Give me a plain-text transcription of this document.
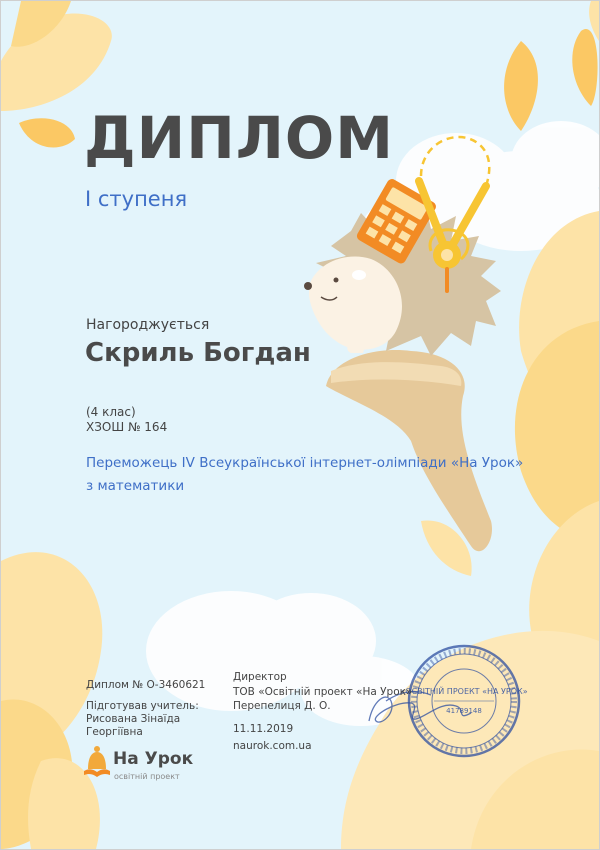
«ОСВІТНІЙ ПРОЕКТ «НА УРОК»
41789148
ДИПЛОМ
I ступеня
Нагороджується
Скриль Богдан
(4 клас)
ХЗОШ № 164
Переможець IV Всеукраїнської інтернет-олімпіади «На Урок»
з математики
Диплом № О-3460621
Підготував учитель:
Рисована Зінаїда Георгіївна
Директор
ТОВ «Освітній проект «На Урок»
Перепелиця Д. О.
11.11.2019
naurok.com.ua
На Урок
освітній проект
